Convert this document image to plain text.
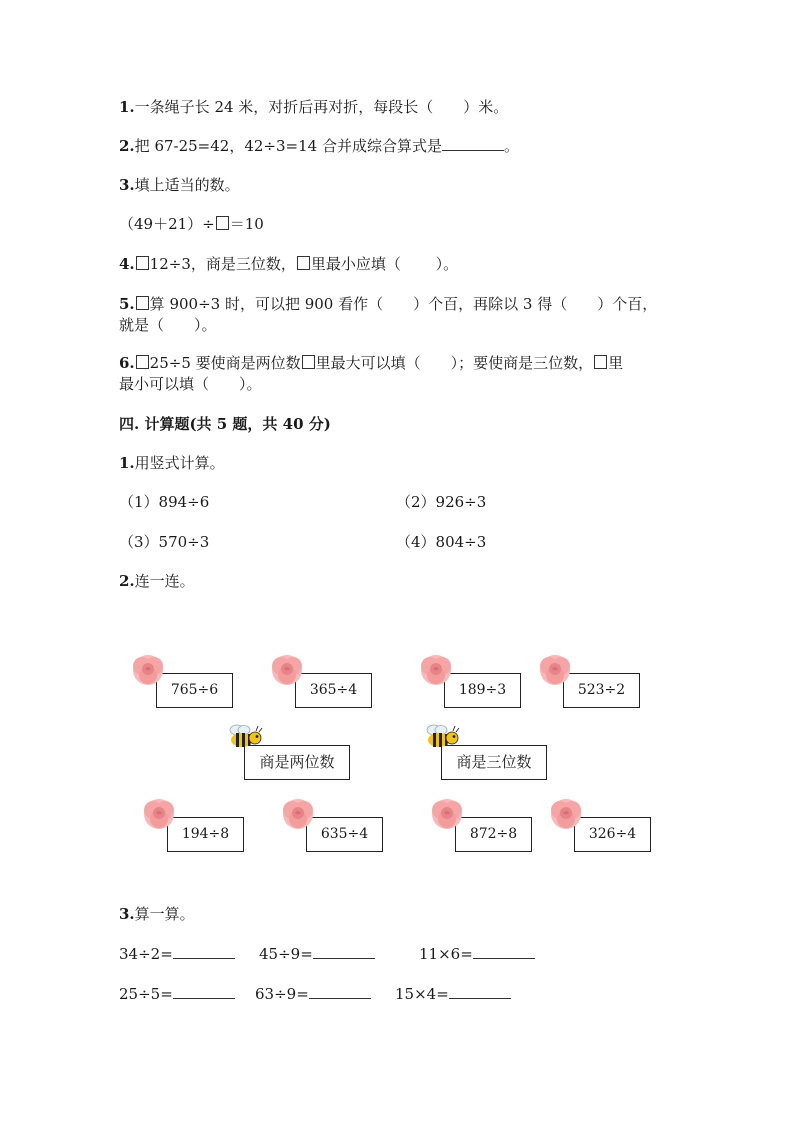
1.一条绳子长 24 米，对折后再对折，每段长（　　）米。
2.把 67-25=42，42÷3=14 合并成综合算式是	。
3.填上适当的数。
（49＋21）÷ ＝10
4. 12÷3，商是三位数， 里最小应填（　　 ）。
5. 算 900÷3 时，可以把 900 看作（　　）个百，再除以 3 得（　　）个百，
就是（　　）。
6. 25÷5 要使商是两位数 里最大可以填（　　）；要使商是三位数， 里
最小可以填（　　）。
四. 计算题(共 5 题，共 40 分)
1.用竖式计算。
（1）894÷6	（2）926÷3
（3）570÷3	（4）804÷3
2.连一连。
765÷6	365÷4	189÷3	523÷2
商是两位数	商是三位数
194÷8	635÷4	872÷8	326÷4
3.算一算。
34÷2=	45÷9=	11×6=
25÷5=	63÷9=	15×4=
